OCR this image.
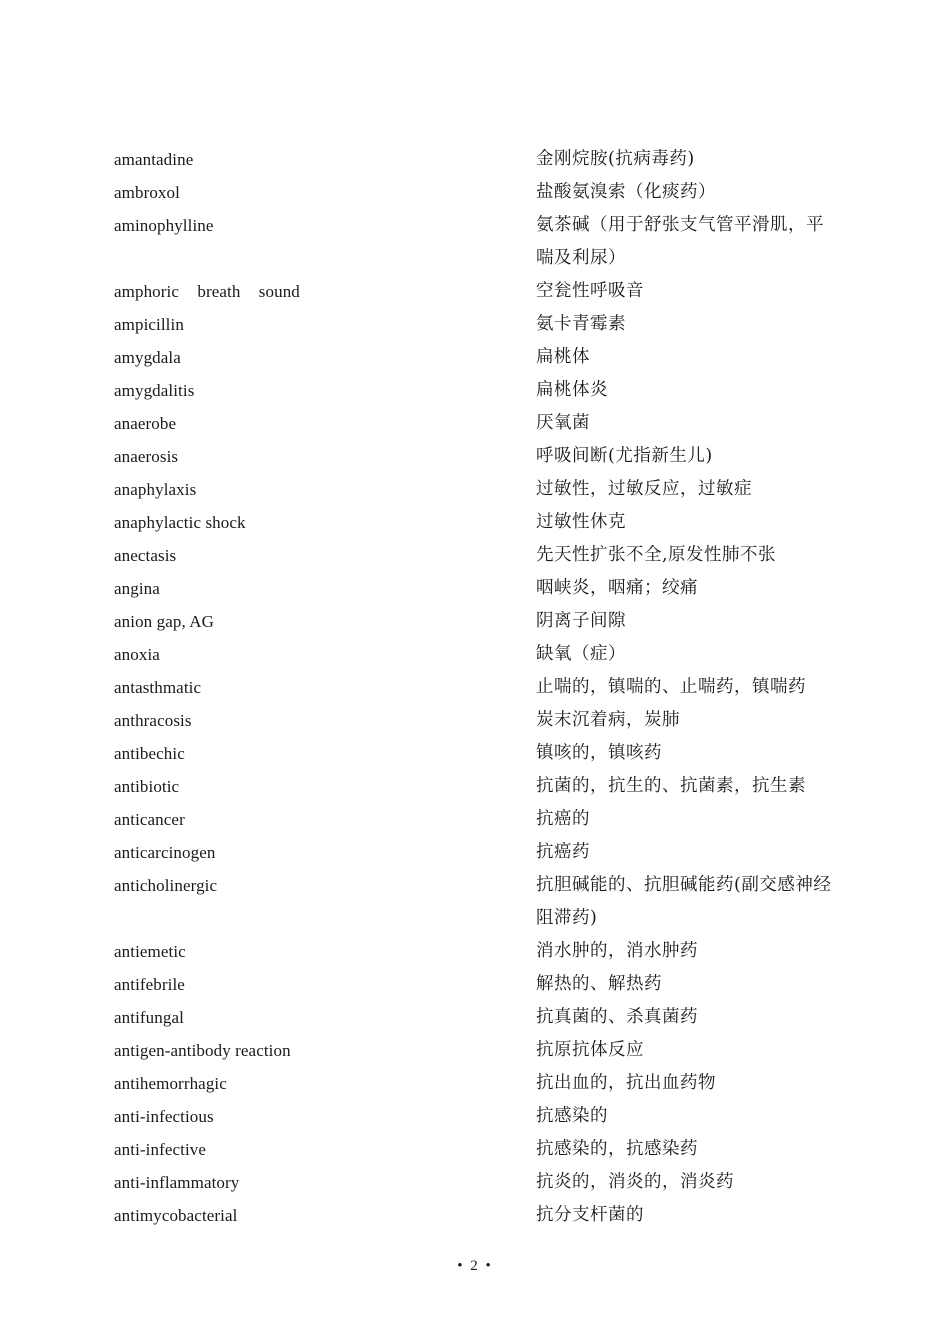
amantadine	金刚烷胺(抗病毒药)
ambroxol	盐酸氨溴索（化痰药）
aminophylline	氨茶碱（用于舒张支气管平滑肌，平喘及利尿）
amphoric breath sound	空瓮性呼吸音
ampicillin	氨卡青霉素
amygdala	扁桃体
amygdalitis	扁桃体炎
anaerobe	厌氧菌
anaerosis	呼吸间断(尤指新生儿)
anaphylaxis	过敏性，过敏反应，过敏症
anaphylactic shock	过敏性休克
anectasis	先天性扩张不全,原发性肺不张
angina	咽峡炎，咽痛；绞痛
anion gap, AG	阴离子间隙
anoxia	缺氧（症）
antasthmatic	止喘的，镇喘的、止喘药，镇喘药
anthracosis	炭末沉着病，炭肺
antibechic	镇咳的，镇咳药
antibiotic	抗菌的，抗生的、抗菌素，抗生素
anticancer	抗癌的
anticarcinogen	抗癌药
anticholinergic	抗胆碱能的、抗胆碱能药(副交感神经阻滞药)
antiemetic	消水肿的，消水肿药
antifebrile	解热的、解热药
antifungal	抗真菌的、杀真菌药
antigen-antibody reaction	抗原抗体反应
antihemorrhagic	抗出血的，抗出血药物
anti-infectious	抗感染的
anti-infective	抗感染的，抗感染药
anti-inflammatory	抗炎的，消炎的，消炎药
antimycobacterial	抗分支杆菌的
• 2 •
